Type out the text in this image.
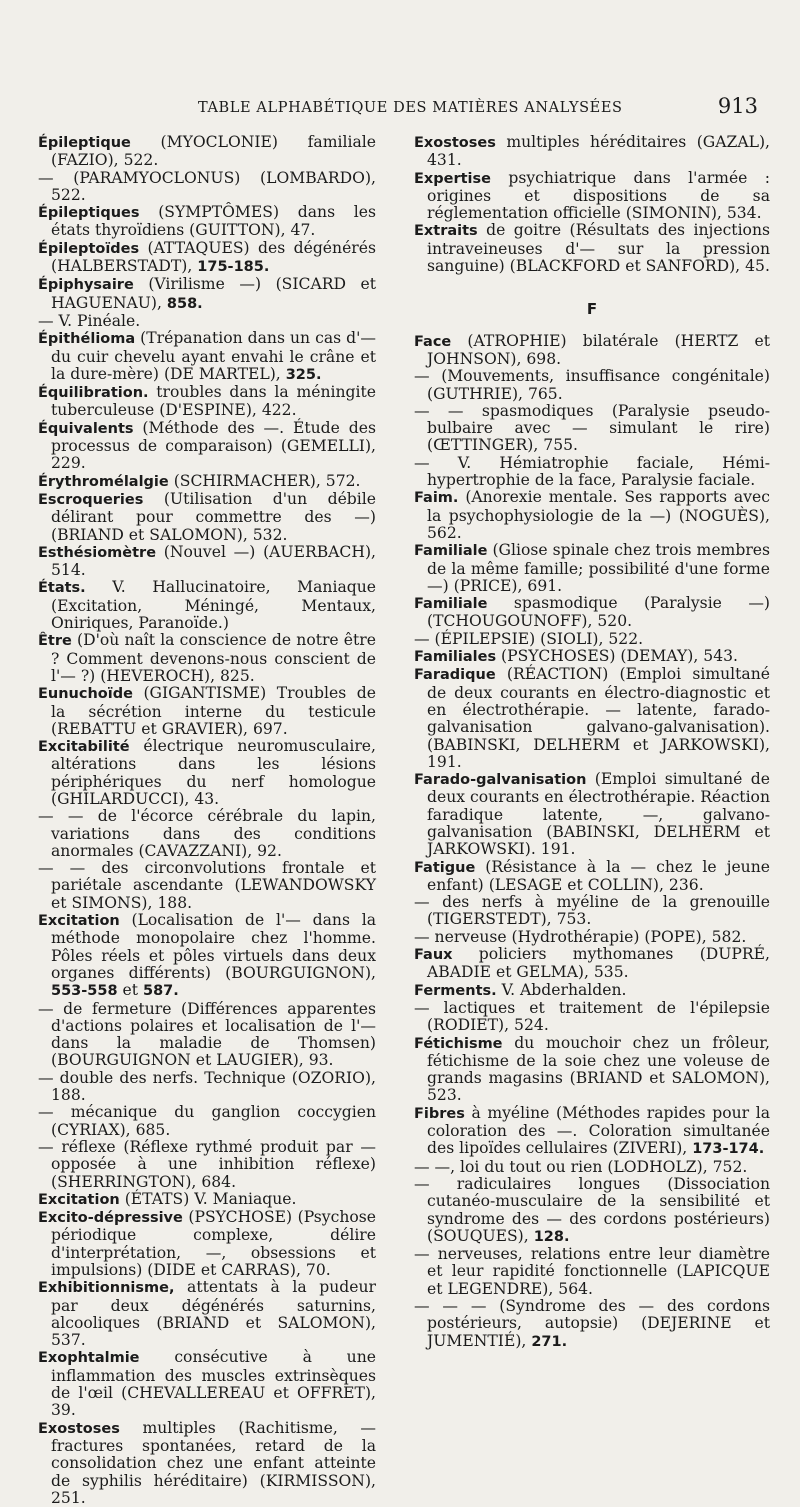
TABLE ALPHABÉTIQUE DES MATIÈRES ANALYSÉES	913

Épileptique (MYOCLONIE) familiale (FAZIO), 522.

— (PARAMYOCLONUS) (LOMBARDO), 522.

Épileptiques (SYMPTÔMES) dans les états thyroïdiens (GUITTON), 47.

Épileptoïdes (ATTAQUES) des dégénérés (HALBERSTADT), 175-185.

Épiphysaire (Virilisme —) (SICARD et HAGUENAU), 858.

— V. Pinéale.

Épithélioma (Trépanation dans un cas d'— du cuir chevelu ayant envahi le crâne et la dure-mère) (DE MARTEL), 325.

Équilibration. troubles dans la méningite tuberculeuse (D'ESPINE), 422.

Équivalents (Méthode des —. Étude des processus de comparaison) (GEMELLI), 229.

Érythromélalgie (SCHIRMACHER), 572.

Escroqueries (Utilisation d'un débile délirant pour commettre des —) (BRIAND et SALOMON), 532.

Esthésiomètre (Nouvel —) (AUERBACH), 514.

États. V. Hallucinatoire, Maniaque (Excitation, Méningé, Mentaux, Oniriques, Paranoïde.)

Être (D'où naît la conscience de notre être ? Comment devenons-nous conscient de l'— ?) (HEVEROCH), 825.

Eunuchoïde (GIGANTISME) Troubles de la sécrétion interne du testicule (REBATTU et GRAVIER), 697.

Excitabilité électrique neuromusculaire, altérations dans les lésions périphériques du nerf homologue (GHILARDUCCI), 43.

— — de l'écorce cérébrale du lapin, variations dans des conditions anormales (CAVAZZANI), 92.

— — des circonvolutions frontale et pariétale ascendante (LEWANDOWSKY et SIMONS), 188.

Excitation (Localisation de l'— dans la méthode monopolaire chez l'homme. Pôles réels et pôles virtuels dans deux organes différents) (BOURGUIGNON), 553-558 et 587.

— de fermeture (Différences apparentes d'actions polaires et localisation de l'— dans la maladie de Thomsen) (BOURGUIGNON et LAUGIER), 93.

— double des nerfs. Technique (OZORIO), 188.

— mécanique du ganglion coccygien (CYRIAX), 685.

— réflexe (Réflexe rythmé produit par — opposée à une inhibition réflexe) (SHERRINGTON), 684.

Excitation (ÉTATS) V. Maniaque.

Excito-dépressive (PSYCHOSE) (Psychose périodique complexe, délire d'interprétation, —, obsessions et impulsions) (DIDE et CARRAS), 70.

Exhibitionnisme, attentats à la pudeur par deux dégénérés saturnins, alcooliques (BRIAND et SALOMON), 537.

Exophtalmie consécutive à une inflammation des muscles extrinsèques de l'œil (CHEVALLEREAU et OFFRET), 39.

Exostoses multiples (Rachitisme, — fractures spontanées, retard de la consolidation chez une enfant atteinte de syphilis héréditaire) (KIRMISSON), 251.

Exostoses multiples héréditaires (GAZAL), 431.

Expertise psychiatrique dans l'armée : origines et dispositions de sa réglementation officielle (SIMONIN), 534.

Extraits de goitre (Résultats des injections intraveineuses d'— sur la pression sanguine) (BLACKFORD et SANFORD), 45.

F

Face (ATROPHIE) bilatérale (HERTZ et JOHNSON), 698.

— (Mouvements, insuffisance congénitale) (GUTHRIE), 765.

— — spasmodiques (Paralysie pseudo-bulbaire avec — simulant le rire) (ŒTTINGER), 755.

— V. Hémiatrophie faciale, Hémi-hypertrophie de la face, Paralysie faciale.

Faim. (Anorexie mentale. Ses rapports avec la psychophysiologie de la —) (NOGUÈS), 562.

Familiale (Gliose spinale chez trois membres de la même famille; possibilité d'une forme —) (PRICE), 691.

Familiale spasmodique (Paralysie —) (TCHOUGOUNOFF), 520.

— (ÉPILEPSIE) (SIOLI), 522.

Familiales (PSYCHOSES) (DEMAY), 543.

Faradique (RÉACTION) (Emploi simultané de deux courants en électro-diagnostic et en électrothérapie. — latente, farado-galvanisation galvano-galvanisation). (BABINSKI, DELHERM et JARKOWSKI), 191.

Farado-galvanisation (Emploi simultané de deux courants en électrothérapie. Réaction faradique latente, —, galvano-galvanisation (BABINSKI, DELHERM et JARKOWSKI). 191.

Fatigue (Résistance à la — chez le jeune enfant) (LESAGE et COLLIN), 236.

— des nerfs à myéline de la grenouille (TIGERSTEDT), 753.

— nerveuse (Hydrothérapie) (POPE), 582.

Faux policiers mythomanes (DUPRÉ, ABADIE et GELMA), 535.

Ferments. V. Abderhalden.

— lactiques et traitement de l'épilepsie (RODIET), 524.

Fétichisme du mouchoir chez un frôleur, fétichisme de la soie chez une voleuse de grands magasins (BRIAND et SALOMON), 523.

Fibres à myéline (Méthodes rapides pour la coloration des —. Coloration simultanée des lipoïdes cellulaires (ZIVERI), 173-174.

— —, loi du tout ou rien (LODHOLZ), 752.

— radiculaires longues (Dissociation cutanéo-musculaire de la sensibilité et syndrome des — des cordons postérieurs) (SOUQUES), 128.

— nerveuses, relations entre leur diamètre et leur rapidité fonctionnelle (LAPICQUE et LEGENDRE), 564.

— — — (Syndrome des — des cordons postérieurs, autopsie) (DEJERINE et JUMENTIÉ), 271.
